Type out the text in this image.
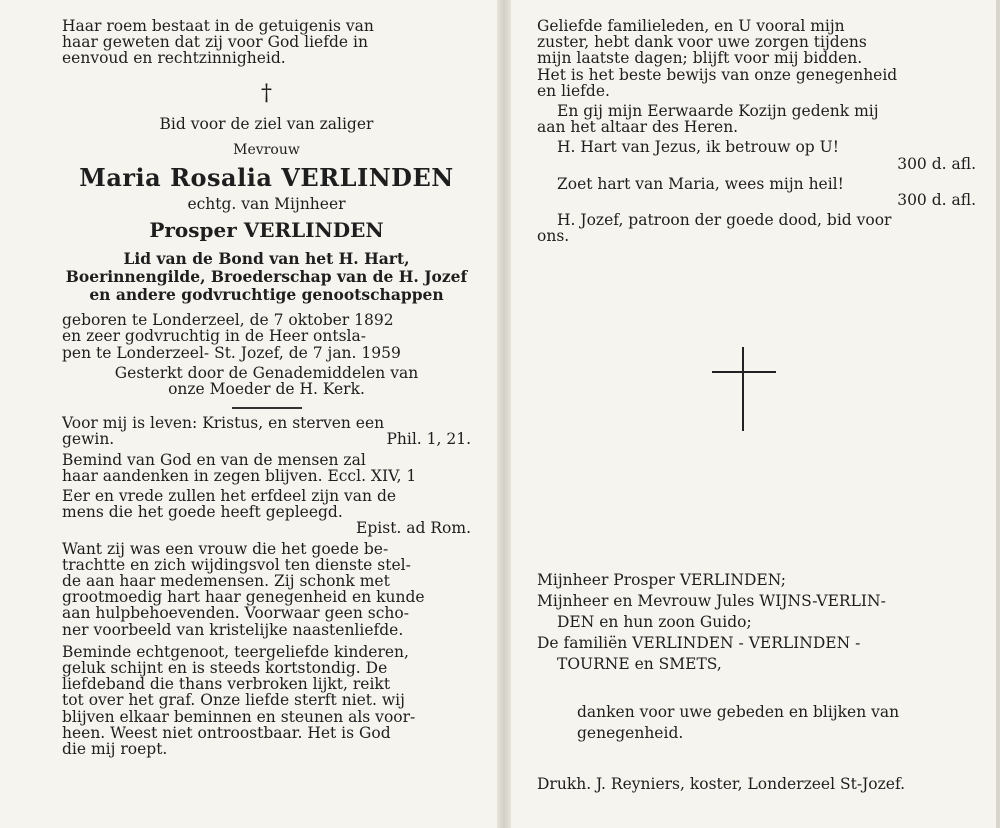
Haar roem bestaat in de getuigenis van

haar geweten dat zij voor God liefde in

eenvoud en rechtzinnigheid.

†

Bid voor de ziel van zaliger

Mevrouw

Maria Rosalia VERLINDEN

echtg. van Mijnheer

Prosper VERLINDEN

Lid van de Bond van het H. Hart,

Boerinnengilde, Broederschap van de H. Jozef

en andere godvruchtige genootschappen

geboren te Londerzeel, de 7 oktober 1892

en zeer godvruchtig in de Heer ontsla-

pen te Londerzeel- St. Jozef, de 7 jan. 1959

Gesterkt door de Genademiddelen van

onze Moeder de H. Kerk.

Voor mij is leven: Kristus, en sterven een

gewin.	Phil. 1, 21.

Bemind van God en van de mensen zal

haar aandenken in zegen blijven. Eccl. XIV, 1

Eer en vrede zullen het erfdeel zijn van de

mens die het goede heeft gepleegd.

Epist. ad Rom.

Want zij was een vrouw die het goede be-

trachtte en zich wijdingsvol ten dienste stel-

de aan haar medemensen. Zij schonk met

grootmoedig hart haar genegenheid en kunde

aan hulpbehoevenden. Voorwaar geen scho-

ner voorbeeld van kristelijke naastenliefde.

Beminde echtgenoot, teergeliefde kinderen,

geluk schijnt en is steeds kortstondig. De

liefdeband die thans verbroken lijkt, reikt

tot over het graf. Onze liefde sterft niet. wij

blijven elkaar beminnen en steunen als voor-

heen. Weest niet ontroostbaar. Het is God

die mij roept.

Geliefde familieleden, en U vooral mijn

zuster, hebt dank voor uwe zorgen tijdens

mijn laatste dagen; blijft voor mij bidden.

Het is het beste bewijs van onze genegenheid

en liefde.

En gij mijn Eerwaarde Kozijn gedenk mij

aan het altaar des Heren.

H. Hart van Jezus, ik betrouw op U!

300 d. afl.

Zoet hart van Maria, wees mijn heil!

300 d. afl.

H. Jozef, patroon der goede dood, bid voor

ons.

Mijnheer Prosper VERLINDEN;

Mijnheer en Mevrouw Jules WIJNS-VERLIN-

DEN en hun zoon Guido;

De familiën VERLINDEN - VERLINDEN -

TOURNE en SMETS,

danken voor uwe gebeden en blijken van

genegenheid.

Drukh. J. Reyniers, koster, Londerzeel St-Jozef.
